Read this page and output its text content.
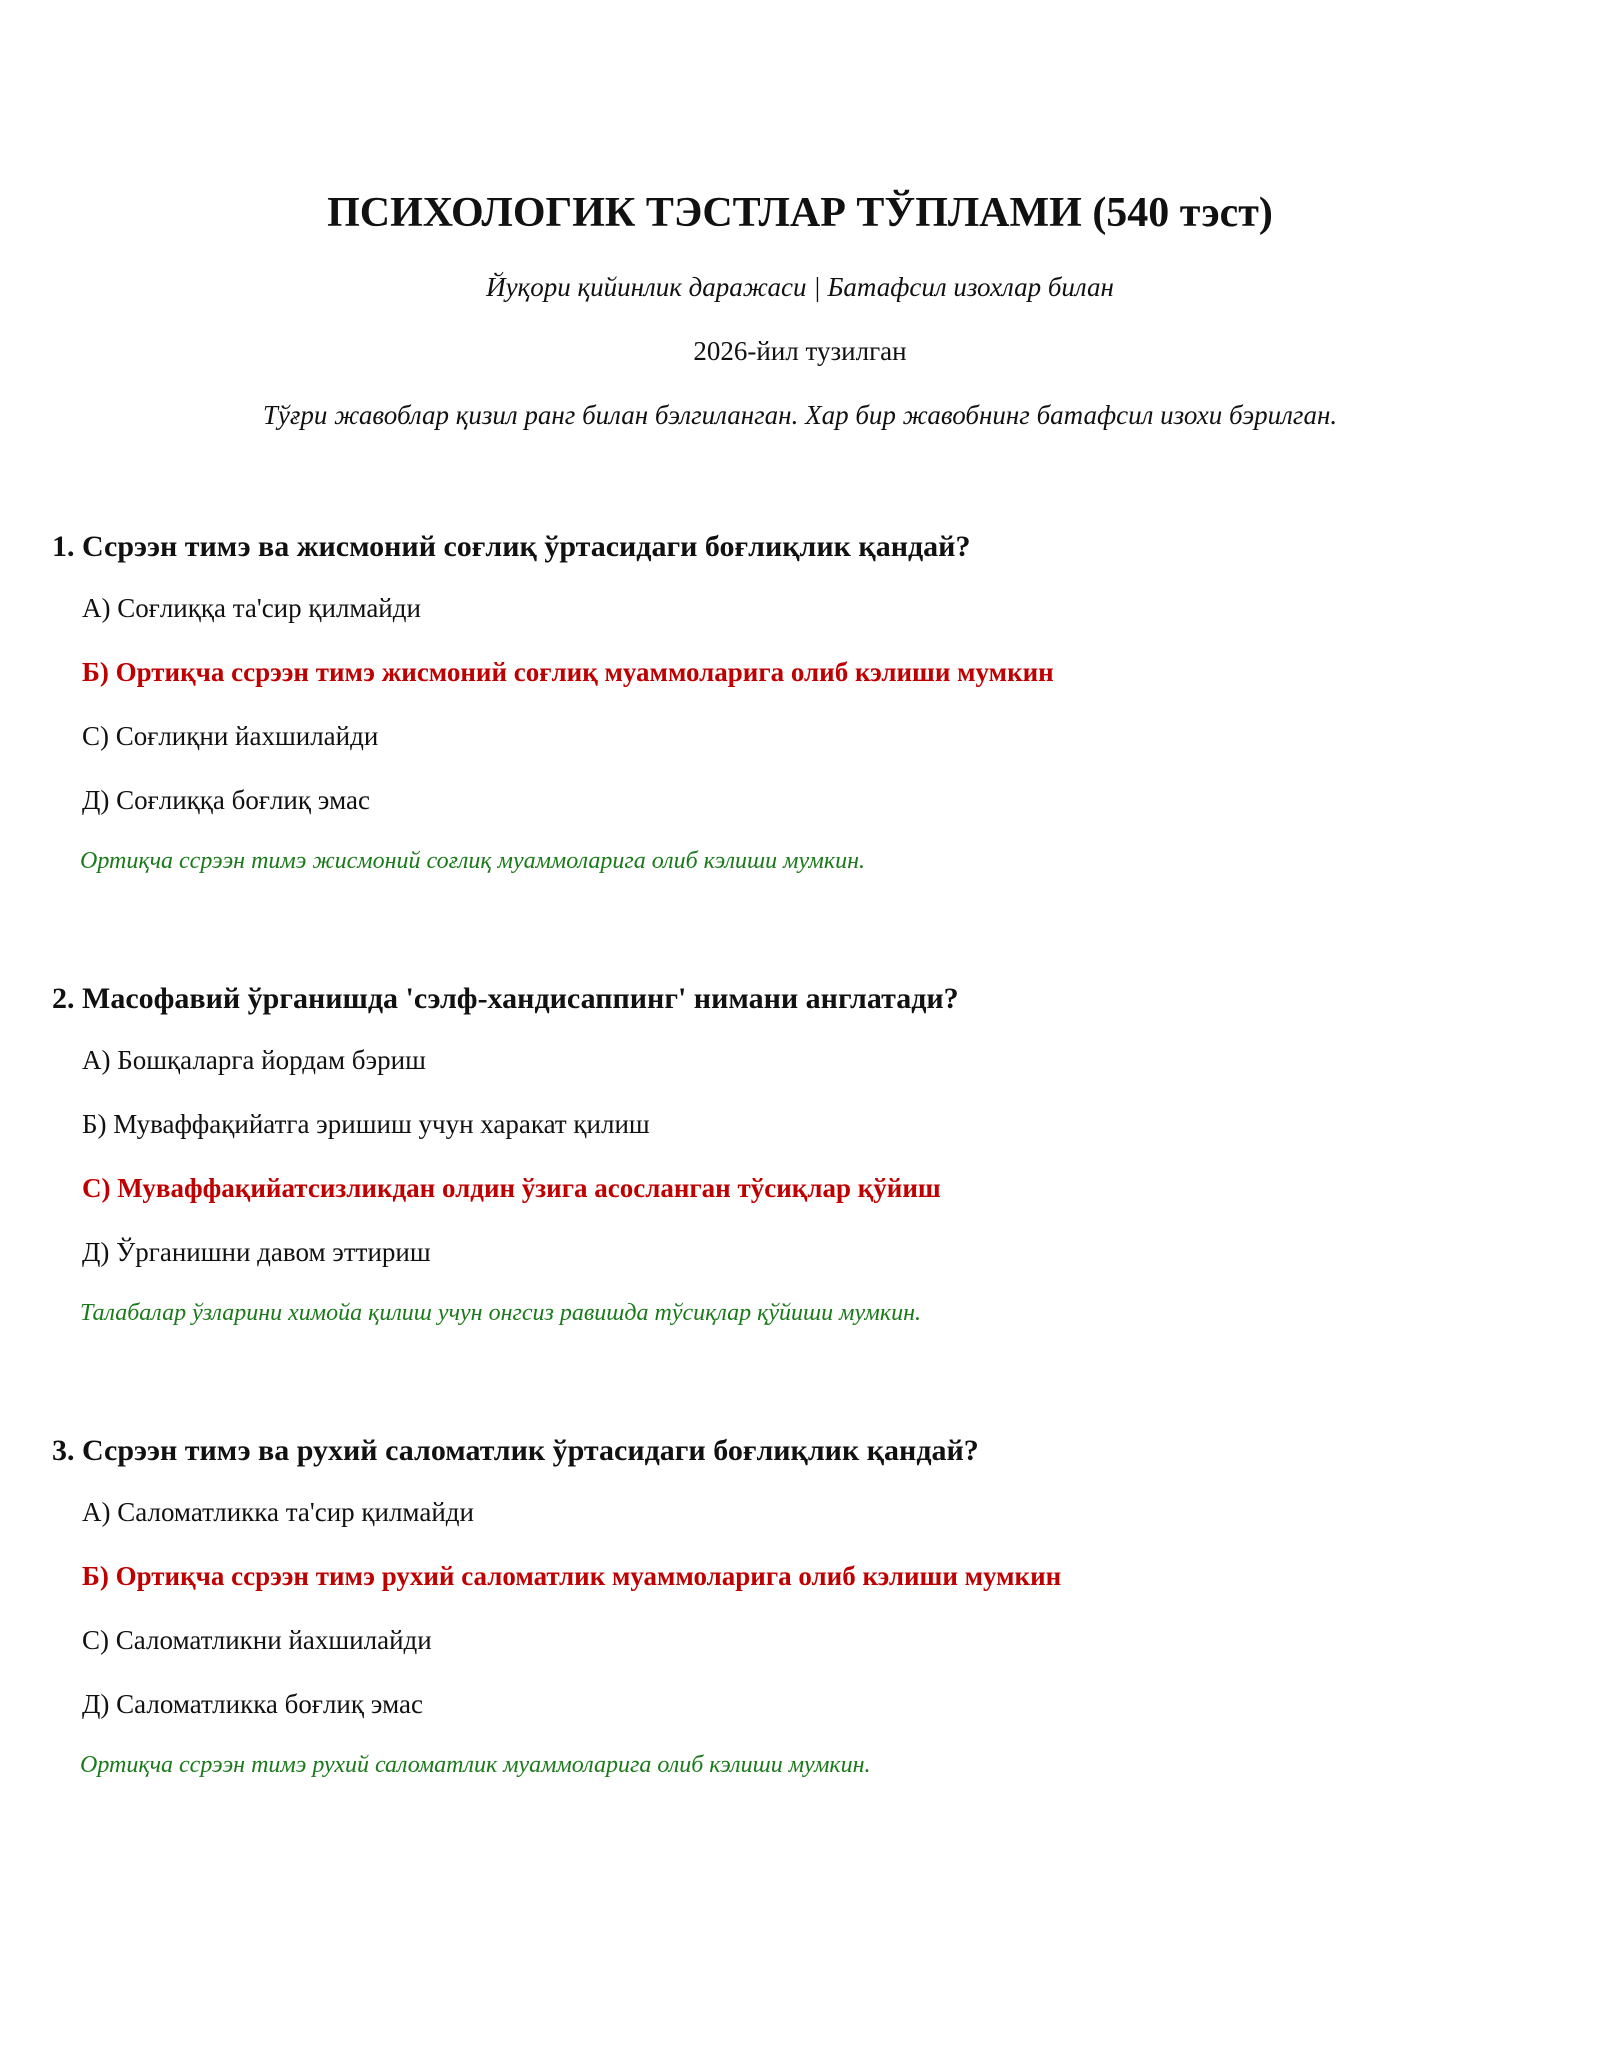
ПСИХОЛОГИК ТЭСТЛАР ТЎПЛАМИ (540 тэст)

Йуқори қийинлик даражаси | Батафсил изохлар билан

2026-йил тузилган

Тўғри жавоблар қизил ранг билан бэлгиланган. Хар бир жавобнинг батафсил изохи бэрилган.

1. Ссрээн тимэ ва жисмоний соғлиқ ўртасидаги боғлиқлик қандай?

A) Соғлиққа та'сир қилмайди
Б) Ортиқча ссрээн тимэ жисмоний соғлиқ муаммоларига олиб кэлиши мумкин
C) Соғлиқни йахшилайди
Д) Соғлиққа боғлиқ эмас
Ортиқча ссрээн тимэ жисмоний соғлиқ муаммоларига олиб кэлиши мумкин.

2. Масофавий ўрганишда 'сэлф-хандисаппинг' нимани англатади?

A) Бошқаларга йордам бэриш
Б) Муваффақийатга эришиш учун харакат қилиш
C) Муваффақийатсизликдан олдин ўзига асосланган тўсиқлар қўйиш
Д) Ўрганишни давом эттириш
Талабалар ўзларини химойа қилиш учун онгсиз равишда тўсиқлар қўйиши мумкин.

3. Ссрээн тимэ ва рухий саломатлик ўртасидаги боғлиқлик қандай?

A) Саломатликка та'сир қилмайди
Б) Ортиқча ссрээн тимэ рухий саломатлик муаммоларига олиб кэлиши мумкин
C) Саломатликни йахшилайди
Д) Саломатликка боғлиқ эмас
Ортиқча ссрээн тимэ рухий саломатлик муаммоларига олиб кэлиши мумкин.
